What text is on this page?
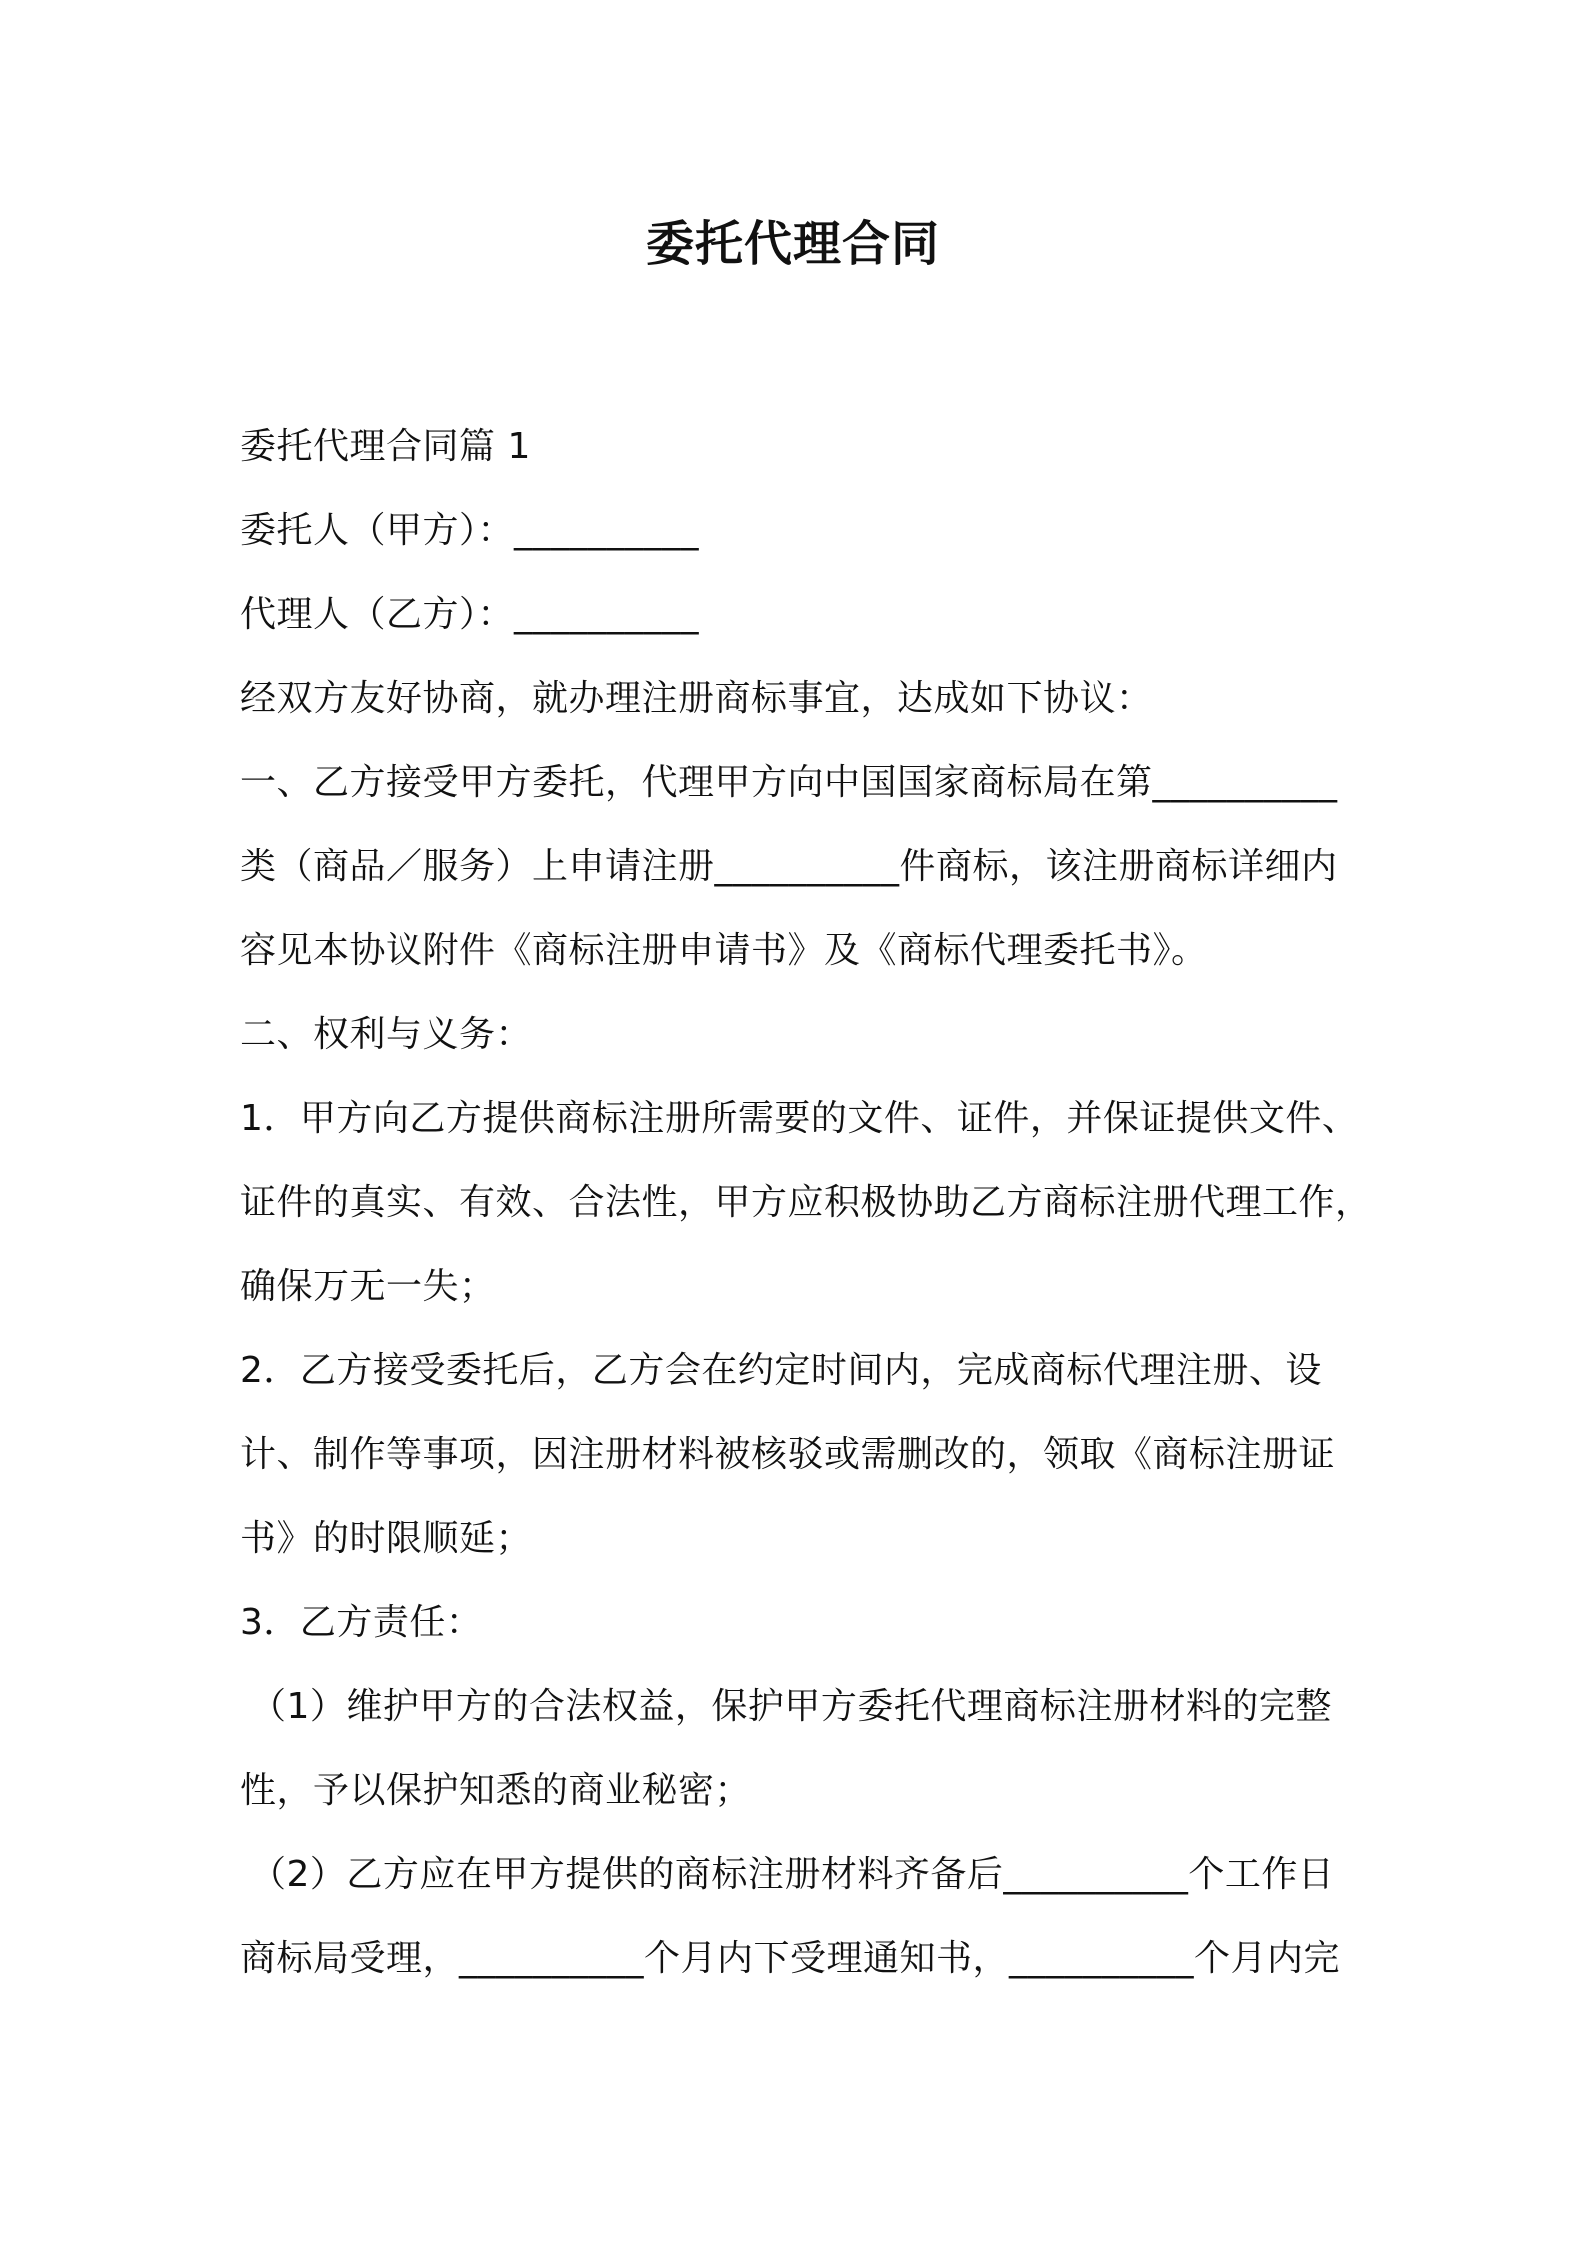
委托代理合同
委托代理合同篇 1
委托人（甲方）：__________
代理人（乙方）：__________
经双方友好协商，就办理注册商标事宜，达成如下协议：
一、乙方接受甲方委托，代理甲方向中国国家商标局在第__________
类（商品／服务）上申请注册__________件商标，该注册商标详细内
容见本协议附件《商标注册申请书》及《商标代理委托书》。
二、权利与义务：
1．甲方向乙方提供商标注册所需要的文件、证件，并保证提供文件、
证件的真实、有效、合法性，甲方应积极协助乙方商标注册代理工作，
确保万无一失；
2．乙方接受委托后，乙方会在约定时间内，完成商标代理注册、设
计、制作等事项，因注册材料被核驳或需删改的，领取《商标注册证
书》的时限顺延；
3．乙方责任：
（1）维护甲方的合法权益，保护甲方委托代理商标注册材料的完整
性，予以保护知悉的商业秘密；
（2）乙方应在甲方提供的商标注册材料齐备后__________个工作日
商标局受理，__________个月内下受理通知书，__________个月内完
